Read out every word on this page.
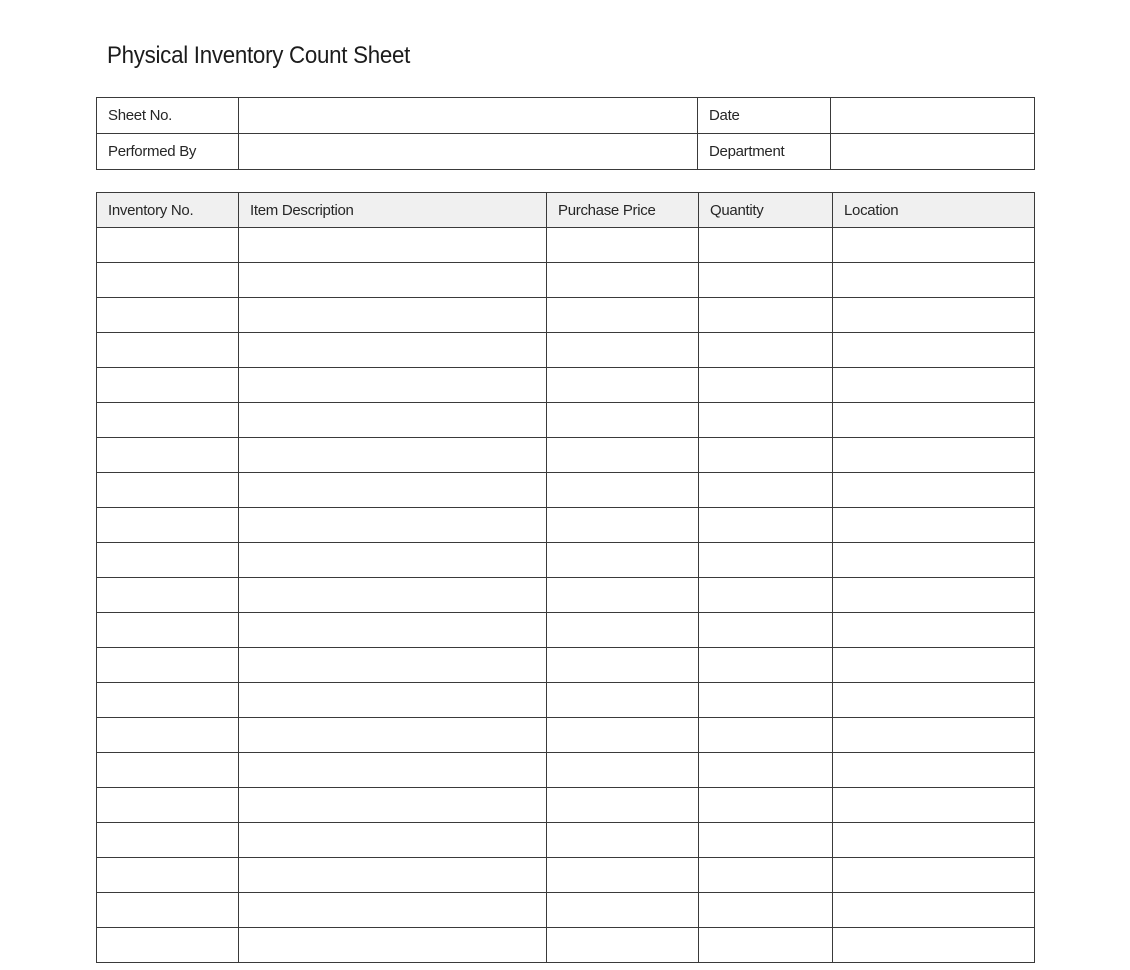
Physical Inventory Count Sheet
Sheet No.		Date	

Performed By		Department	
Inventory No.	Item Description	Purchase Price	Quantity	Location
